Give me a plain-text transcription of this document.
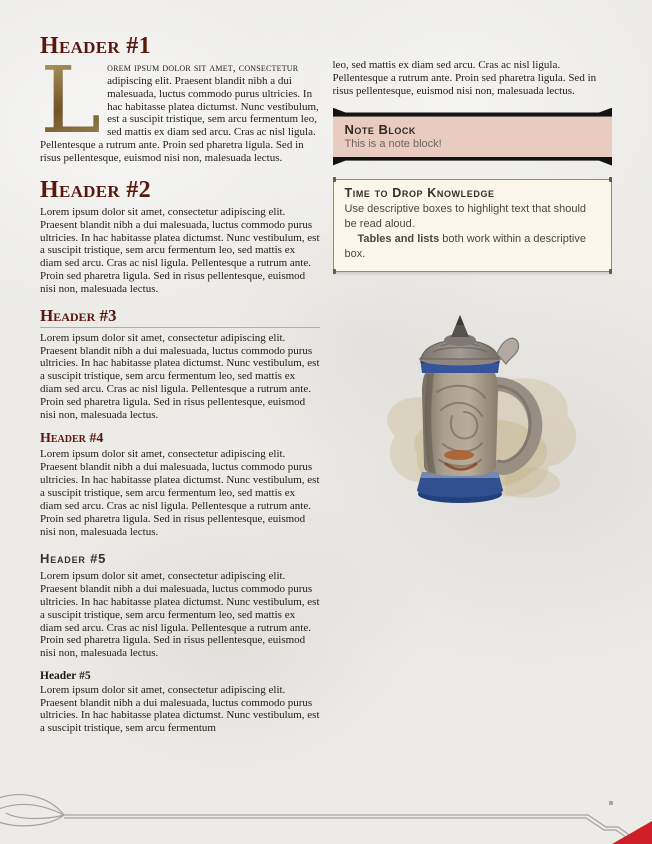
Header #1

L orem ipsum dolor sit amet, consectetur adipiscing elit. Praesent blandit nibh a dui malesuada, luctus commodo purus ultricies. In hac habitasse platea dictumst. Nunc vestibulum, est a suscipit tristique, sem arcu fermentum leo, sed mattis ex diam sed arcu. Cras ac nisl ligula. Pellentesque a rutrum ante. Proin sed pharetra ligula. Sed in risus pellentesque, euismod nisi non, malesuada lectus.

Header #2

Lorem ipsum dolor sit amet, consectetur adipiscing elit. Praesent blandit nibh a dui malesuada, luctus commodo purus ultricies. In hac habitasse platea dictumst. Nunc vestibulum, est a suscipit tristique, sem arcu fermentum leo, sed mattis ex diam sed arcu. Cras ac nisl ligula. Pellentesque a rutrum ante. Proin sed pharetra ligula. Sed in risus pellentesque, euismod nisi non, malesuada lectus.

Header #3

Lorem ipsum dolor sit amet, consectetur adipiscing elit. Praesent blandit nibh a dui malesuada, luctus commodo purus ultricies. In hac habitasse platea dictumst. Nunc vestibulum, est a suscipit tristique, sem arcu fermentum leo, sed mattis ex diam sed arcu. Cras ac nisl ligula. Pellentesque a rutrum ante. Proin sed pharetra ligula. Sed in risus pellentesque, euismod nisi non, malesuada lectus.

Header #4

Lorem ipsum dolor sit amet, consectetur adipiscing elit. Praesent blandit nibh a dui malesuada, luctus commodo purus ultricies. In hac habitasse platea dictumst. Nunc vestibulum, est a suscipit tristique, sem arcu fermentum leo, sed mattis ex diam sed arcu. Cras ac nisl ligula. Pellentesque a rutrum ante. Proin sed pharetra ligula. Sed in risus pellentesque, euismod nisi non, malesuada lectus.

Header #5

Lorem ipsum dolor sit amet, consectetur adipiscing elit. Praesent blandit nibh a dui malesuada, luctus commodo purus ultricies. In hac habitasse platea dictumst. Nunc vestibulum, est a suscipit tristique, sem arcu fermentum leo, sed mattis ex diam sed arcu. Cras ac nisl ligula. Pellentesque a rutrum ante. Proin sed pharetra ligula. Sed in risus pellentesque, euismod nisi non, malesuada lectus.

Header #5

Lorem ipsum dolor sit amet, consectetur adipiscing elit. Praesent blandit nibh a dui malesuada, luctus commodo purus ultricies. In hac habitasse platea dictumst. Nunc vestibulum, est a suscipit tristique, sem arcu fermentum

leo, sed mattis ex diam sed arcu. Cras ac nisl ligula. Pellentesque a rutrum ante. Proin sed pharetra ligula. Sed in risus pellentesque, euismod nisi non, malesuada lectus.

Note Block
This is a note block!
Time to Drop Knowledge

Use descriptive boxes to highlight text that should be read aloud.

Tables and lists both work within a descriptive box.
